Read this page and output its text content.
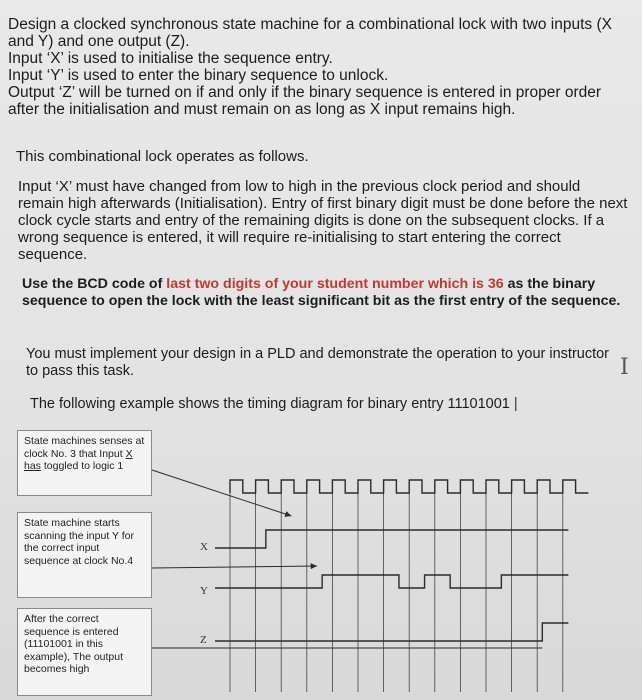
Design a clocked synchronous state machine for a combinational lock with two inputs (X and Y) and one output (Z).
Input ‘X’ is used to initialise the sequence entry.
Input ‘Y’ is used to enter the binary sequence to unlock.
Output ‘Z’ will be turned on if and only if the binary sequence is entered in proper order after the initialisation and must remain on as long as X input remains high.
This combinational lock operates as follows.
Input ‘X’ must have changed from low to high in the previous clock period and should remain high afterwards (Initialisation). Entry of first binary digit must be done before the next clock cycle starts and entry of the remaining digits is done on the subsequent clocks. If a wrong sequence is entered, it will require re-initialising to start entering the correct sequence.
Use the BCD code of last two digits of your student number which is 36 as the binary sequence to open the lock with the least significant bit as the first entry of the sequence.
You must implement your design in a PLD and demonstrate the operation to your instructor to pass this task.	I
The following example shows the timing diagram for binary entry 11101001 |
X
Y
Z
State machines senses at clock No. 3 that Input X has toggled to logic 1
State machine starts scanning the input Y for the correct input sequence at clock No.4
After the correct sequence is entered (11101001 in this example), The output becomes high
